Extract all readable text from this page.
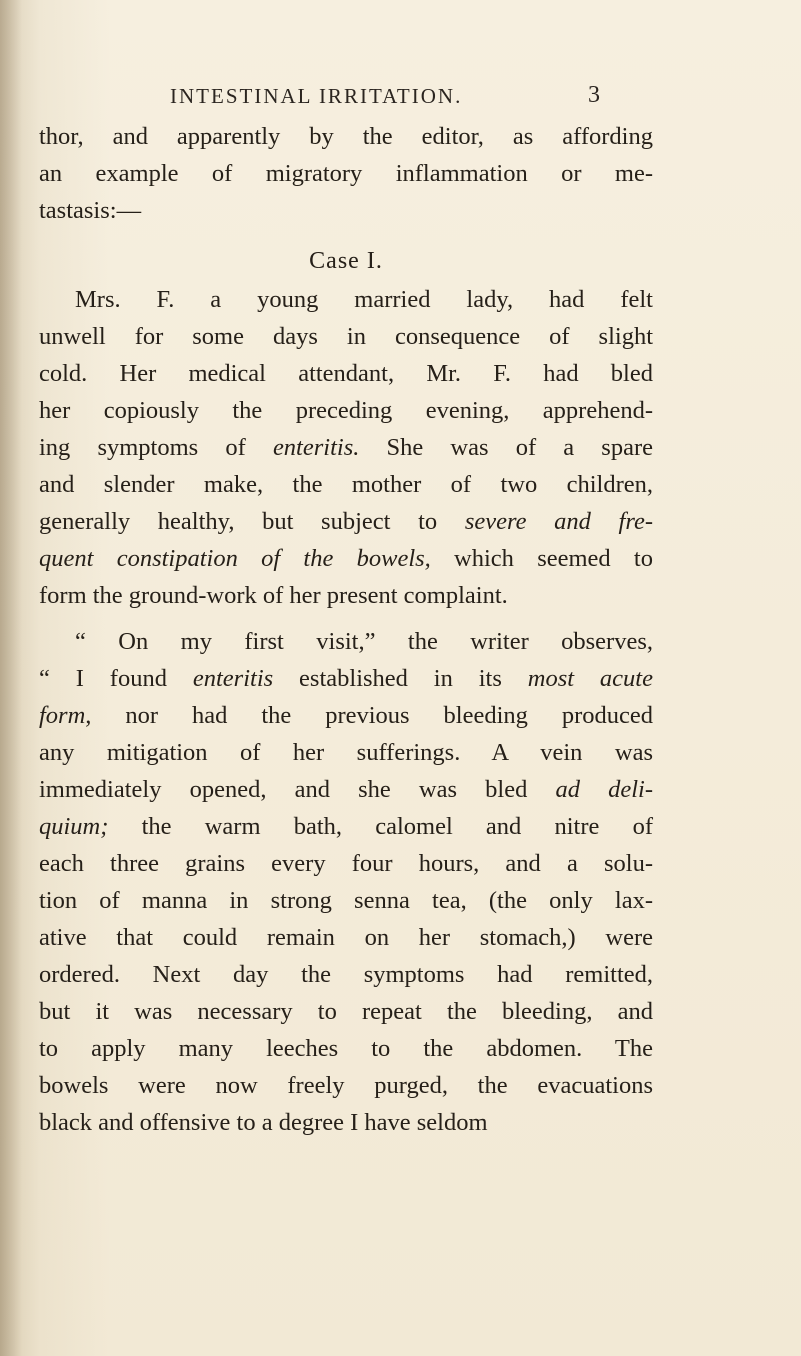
INTESTINAL IRRITATION.	3
thor, and apparently by the editor, as affording
an example of migratory inflammation or me-
tastasis:—
Case I.
Mrs. F. a young married lady, had felt
unwell for some days in consequence of slight
cold. Her medical attendant, Mr. F. had bled
her copiously the preceding evening, apprehend-
ing symptoms of enteritis. She was of a spare
and slender make, the mother of two children,
generally healthy, but subject to severe and fre-
quent constipation of the bowels, which seemed to
form the ground-work of her present complaint.
“ On my first visit,” the writer observes,
“ I found enteritis established in its most acute
form, nor had the previous bleeding produced
any mitigation of her sufferings. A vein was
immediately opened, and she was bled ad deli-
quium; the warm bath, calomel and nitre of
each three grains every four hours, and a solu-
tion of manna in strong senna tea, (the only lax-
ative that could remain on her stomach,) were
ordered. Next day the symptoms had remitted,
but it was necessary to repeat the bleeding, and
to apply many leeches to the abdomen. The
bowels were now freely purged, the evacuations
black and offensive to a degree I have seldom
